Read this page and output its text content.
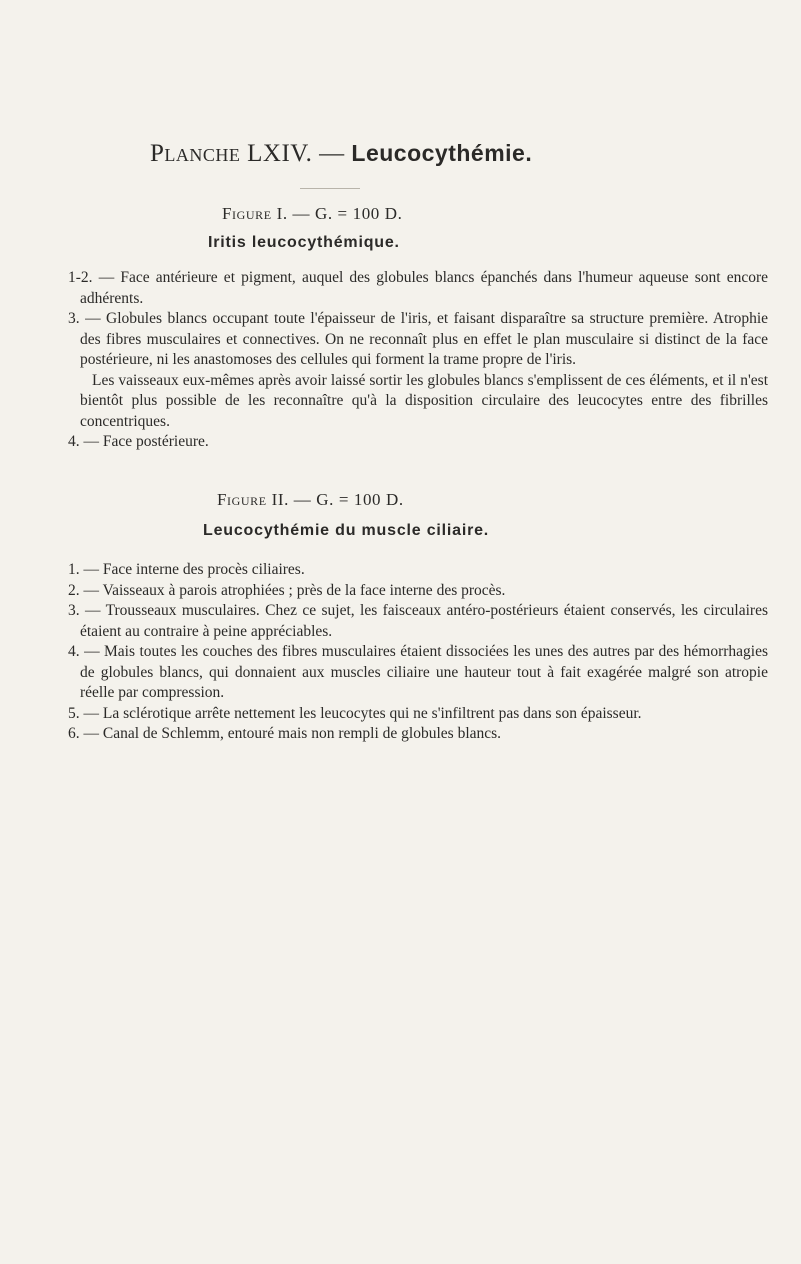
Planche LXIV. — Leucocythémie.
Figure I. — G. = 100 D.
Iritis leucocythémique.

1-2. — Face antérieure et pigment, auquel des globules blancs épanchés dans l'humeur aqueuse sont encore adhérents.

3. — Globules blancs occupant toute l'épaisseur de l'iris, et faisant disparaître sa structure première. Atrophie des fibres musculaires et connectives. On ne reconnaît plus en effet le plan musculaire si distinct de la face postérieure, ni les anastomoses des cellules qui forment la trame propre de l'iris.

Les vaisseaux eux-mêmes après avoir laissé sortir les globules blancs s'emplissent de ces éléments, et il n'est bientôt plus possible de les reconnaître qu'à la disposition circulaire des leucocytes entre des fibrilles concentriques.

4. — Face postérieure.

Figure II. — G. = 100 D.
Leucocythémie du muscle ciliaire.

1. — Face interne des procès ciliaires.

2. — Vaisseaux à parois atrophiées ; près de la face interne des procès.

3. — Trousseaux musculaires. Chez ce sujet, les faisceaux antéro-postérieurs étaient conservés, les circulaires étaient au contraire à peine appréciables.

4. — Mais toutes les couches des fibres musculaires étaient dissociées les unes des autres par des hémorrhagies de globules blancs, qui donnaient aux muscles ciliaire une hauteur tout à fait exagérée malgré son atropie réelle par compression.

5. — La sclérotique arrête nettement les leucocytes qui ne s'infiltrent pas dans son épaisseur.

6. — Canal de Schlemm, entouré mais non rempli de globules blancs.
